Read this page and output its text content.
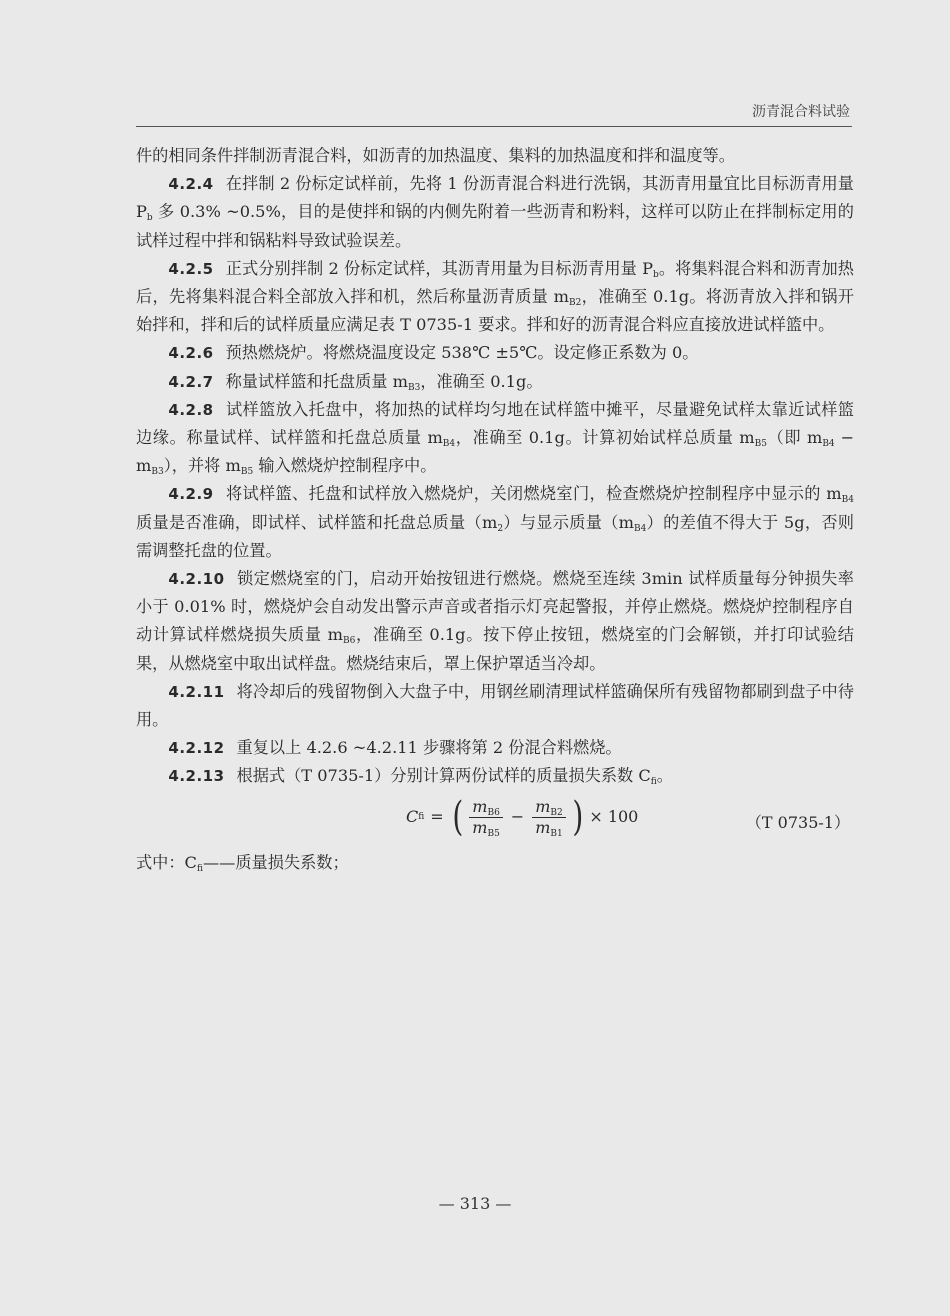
沥青混合料试验

件的相同条件拌制沥青混合料，如沥青的加热温度、集料的加热温度和拌和温度等。

4.2.4 在拌制 2 份标定试样前，先将 1 份沥青混合料进行洗锅，其沥青用量宜比目标沥青用量 $P_b$ 多 0.3% ~0.5%，目的是使拌和锅的内侧先附着一些沥青和粉料，这样可以防止在拌制标定用的试样过程中拌和锅粘料导致试验误差。

4.2.5 正式分别拌制 2 份标定试样，其沥青用量为目标沥青用量 $P_b$。将集料混合料和沥青加热后，先将集料混合料全部放入拌和机，然后称量沥青质量 $m_{B2}$，准确至 0.1g。将沥青放入拌和锅开始拌和，拌和后的试样质量应满足表 T 0735-1 要求。拌和好的沥青混合料应直接放进试样篮中。

4.2.6 预热燃烧炉。将燃烧温度设定 538℃ ±5℃。设定修正系数为 0。

4.2.7 称量试样篮和托盘质量 $m_{B3}$，准确至 0.1g。

4.2.8 试样篮放入托盘中，将加热的试样均匀地在试样篮中摊平，尽量避免试样太靠近试样篮边缘。称量试样、试样篮和托盘总质量 $m_{B4}$，准确至 0.1g。计算初始试样总质量 $m_{B5}$（即 $m_{B4} - m_{B3}$），并将 $m_{B5}$ 输入燃烧炉控制程序中。

4.2.9 将试样篮、托盘和试样放入燃烧炉，关闭燃烧室门，检查燃烧炉控制程序中显示的 $m_{B4}$ 质量是否准确，即试样、试样篮和托盘总质量$(m_2)$与显示质量$(m_{B4})$的差值不得大于 5g，否则需调整托盘的位置。

4.2.10 锁定燃烧室的门，启动开始按钮进行燃烧。燃烧至连续 3min 试样质量每分钟损失率小于 0.01% 时，燃烧炉会自动发出警示声音或者指示灯亮起警报，并停止燃烧。燃烧炉控制程序自动计算试样燃烧损失质量 $m_{B6}$，准确至 0.1g。按下停止按钮，燃烧室的门会解锁，并打印试验结果，从燃烧室中取出试样盘。燃烧结束后，罩上保护罩适当冷却。

4.2.11 将冷却后的残留物倒入大盘子中，用钢丝刷清理试样篮确保所有残留物都刷到盘子中待用。

4.2.12 重复以上 4.2.6 ~4.2.11 步骤将第 2 份混合料燃烧。

4.2.13 根据式（T 0735-1）分别计算两份试样的质量损失系数 $C_{fi}$。

C fi = ( $\frac{m_{B6}}{m_{B5}} - \frac{m_{B2}}{m_{B1}}$ ) × 100	（T 0735-1）

式中：$C_{fi}——$质量损失系数；

— 313 —
